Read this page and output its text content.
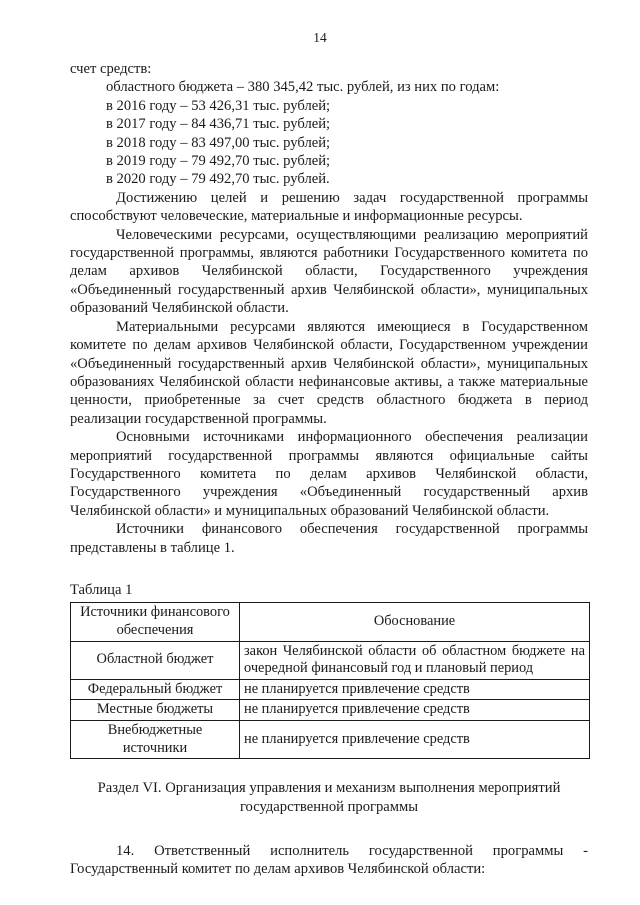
14

счет средств:

областного бюджета – 380 345,42 тыс. рублей, из них по годам:

в 2016 году – 53 426,31 тыс. рублей;

в 2017 году – 84 436,71 тыс. рублей;

в 2018 году – 83 497,00 тыс. рублей;

в 2019 году – 79 492,70 тыс. рублей;

в 2020 году – 79 492,70 тыс. рублей.

Достижению целей и решению задач государственной программы способствуют человеческие, материальные и информационные ресурсы.

Человеческими ресурсами, осуществляющими реализацию мероприятий государственной программы, являются работники Государственного комитета по делам архивов Челябинской области, Государственного учреждения «Объединенный государственный архив Челябинской области», муниципальных образований Челябинской области.

Материальными ресурсами являются имеющиеся в Государственном комитете по делам архивов Челябинской области, Государственном учреждении «Объединенный государственный архив Челябинской области», муниципальных образованиях Челябинской области нефинансовые активы, а также материальные ценности, приобретенные за счет средств областного бюджета в период реализации государственной программы.

Основными источниками информационного обеспечения реализации мероприятий государственной программы являются официальные сайты Государственного комитета по делам архивов Челябинской области, Государственного учреждения «Объединенный государственный архив Челябинской области» и муниципальных образований Челябинской области.

Источники финансового обеспечения государственной программы представлены в таблице 1.

Таблица 1

Источники финансового обеспечения	Обоснование
Областной бюджет	закон Челябинской области об областном бюджете на очередной финансовый год и плановый период
Федеральный бюджет	не планируется привлечение средств
Местные бюджеты	не планируется привлечение средств
Внебюджетные источники	не планируется привлечение средств

Раздел VI. Организация управления и механизм выполнения мероприятий государственной программы

14. Ответственный исполнитель государственной программы - Государственный комитет по делам архивов Челябинской области:
